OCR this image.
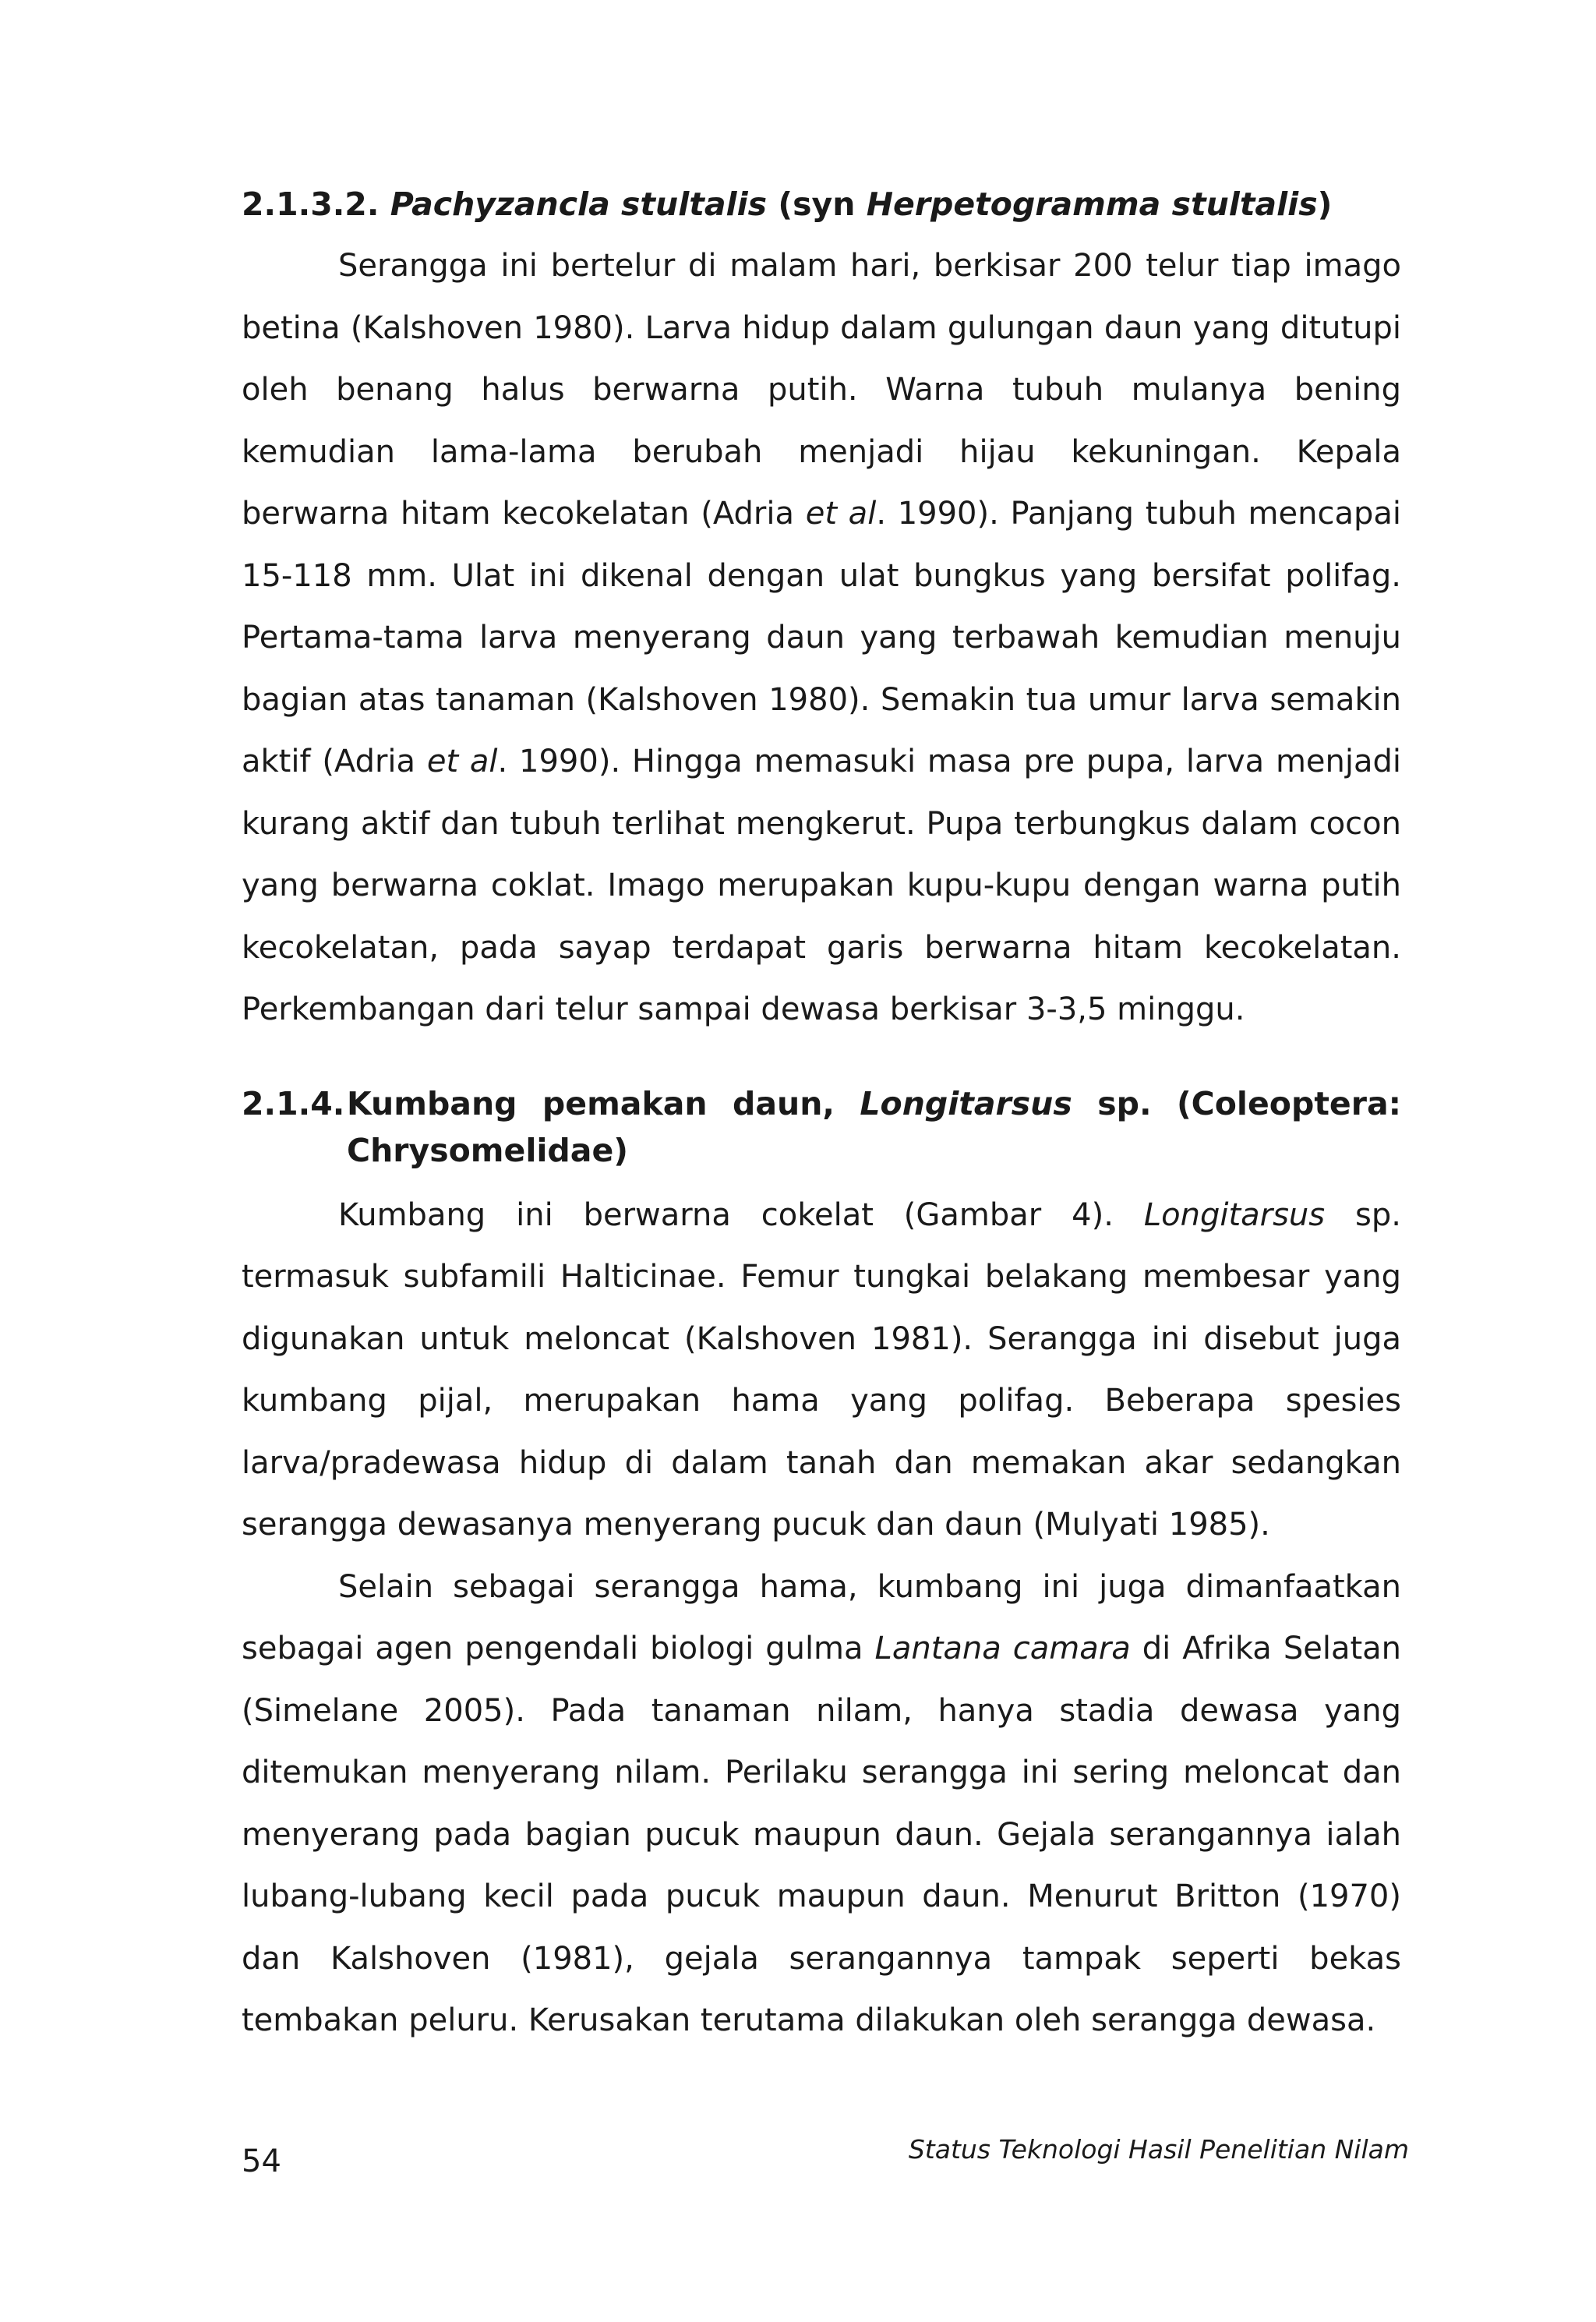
2.1.3.2. Pachyzancla stultalis (syn Herpetogramma stultalis)

Serangga ini bertelur di malam hari, berkisar 200 telur tiap imago betina (Kalshoven 1980). Larva hidup dalam gulungan daun yang ditutupi oleh benang halus berwarna putih. Warna tubuh mulanya bening kemudian lama-lama berubah menjadi hijau kekuningan. Kepala berwarna hitam kecokelatan (Adria et al. 1990). Panjang tubuh mencapai 15-118 mm. Ulat ini dikenal dengan ulat bungkus yang bersifat polifag. Pertama-tama larva menyerang daun yang terbawah kemudian menuju bagian atas tanaman (Kalshoven 1980). Semakin tua umur larva semakin aktif (Adria et al. 1990). Hingga memasuki masa pre pupa, larva menjadi kurang aktif dan tubuh terlihat mengkerut. Pupa terbungkus dalam cocon yang berwarna coklat. Imago merupakan kupu-kupu dengan warna putih kecokelatan, pada sayap terdapat garis berwarna hitam kecokelatan. Perkembangan dari telur sampai dewasa berkisar 3-3,5 minggu.

2.1.4. Kumbang pemakan daun, Longitarsus sp. (Coleoptera: Chrysomelidae)

Kumbang ini berwarna cokelat (Gambar 4). Longitarsus sp. termasuk subfamili Halticinae. Femur tungkai belakang membesar yang digunakan untuk meloncat (Kalshoven 1981). Serangga ini disebut juga kumbang pijal, merupakan hama yang polifag. Beberapa spesies larva/pradewasa hidup di dalam tanah dan memakan akar sedangkan serangga dewasanya menyerang pucuk dan daun (Mulyati 1985).

Selain sebagai serangga hama, kumbang ini juga dimanfaatkan sebagai agen pengendali biologi gulma Lantana camara di Afrika Selatan (Simelane 2005). Pada tanaman nilam, hanya stadia dewasa yang ditemukan menyerang nilam. Perilaku serangga ini sering meloncat dan menyerang pada bagian pucuk maupun daun. Gejala serangannya ialah lubang-lubang kecil pada pucuk maupun daun. Menurut Britton (1970) dan Kalshoven (1981), gejala serangannya tampak seperti bekas tembakan peluru. Kerusakan terutama dilakukan oleh serangga dewasa.

54	Status Teknologi Hasil Penelitian Nilam
